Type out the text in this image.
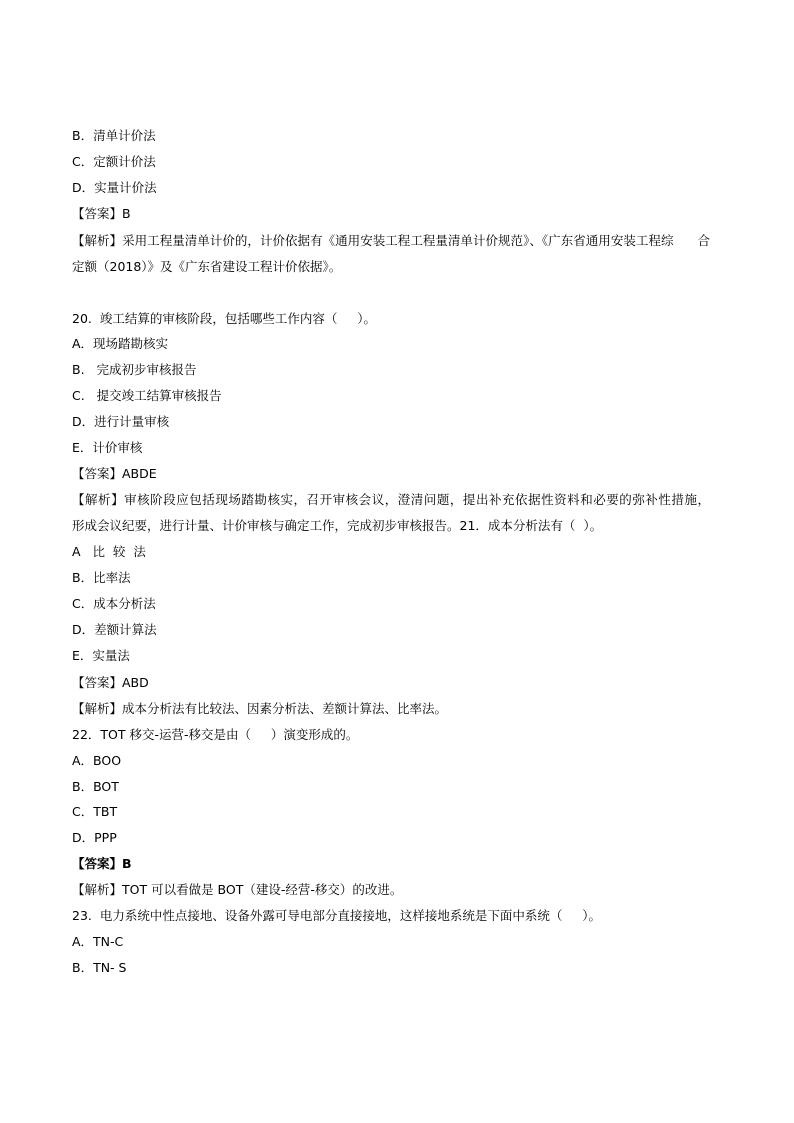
B．清单计价法
C．定额计价法
D．实量计价法
【答案】B
【解析】采用工程量清单计价的，计价依据有《通用安装工程工程量清单计价规范》、《广东省通用安装工程综      合
定额（2018）》及《广东省建设工程计价依据》。
20.  竣工结算的审核阶段，包括哪些工作内容（     ）。
A．现场踏勘核实
B.   完成初步审核报告
C.   提交竣工结算审核报告
D．进行计量审核
E．计价审核
【答案】ABDE
【解析】审核阶段应包括现场踏勘核实，召开审核会议，澄清问题，提出补充依据性资料和必要的弥补性措施，
形成会议纪要，进行计量、计价审核与确定工作，完成初步审核报告。21．成本分析法有（  ）。
A   比  较  法
B．比率法
C．成本分析法
D．差额计算法
E．实量法
【答案】ABD
【解析】成本分析法有比较法、因素分析法、差额计算法、比率法。
22．TOT 移交-运营-移交是由（     ）演变形成的。
A．BOO
B．BOT
C．TBT
D．PPP
【答案】B
【解析】TOT 可以看做是 BOT（建设-经营-移交）的改进。
23.  电力系统中性点接地、设备外露可导电部分直接接地，这样接地系统是下面中系统（     ）。
A．TN-C
B．TN- S
